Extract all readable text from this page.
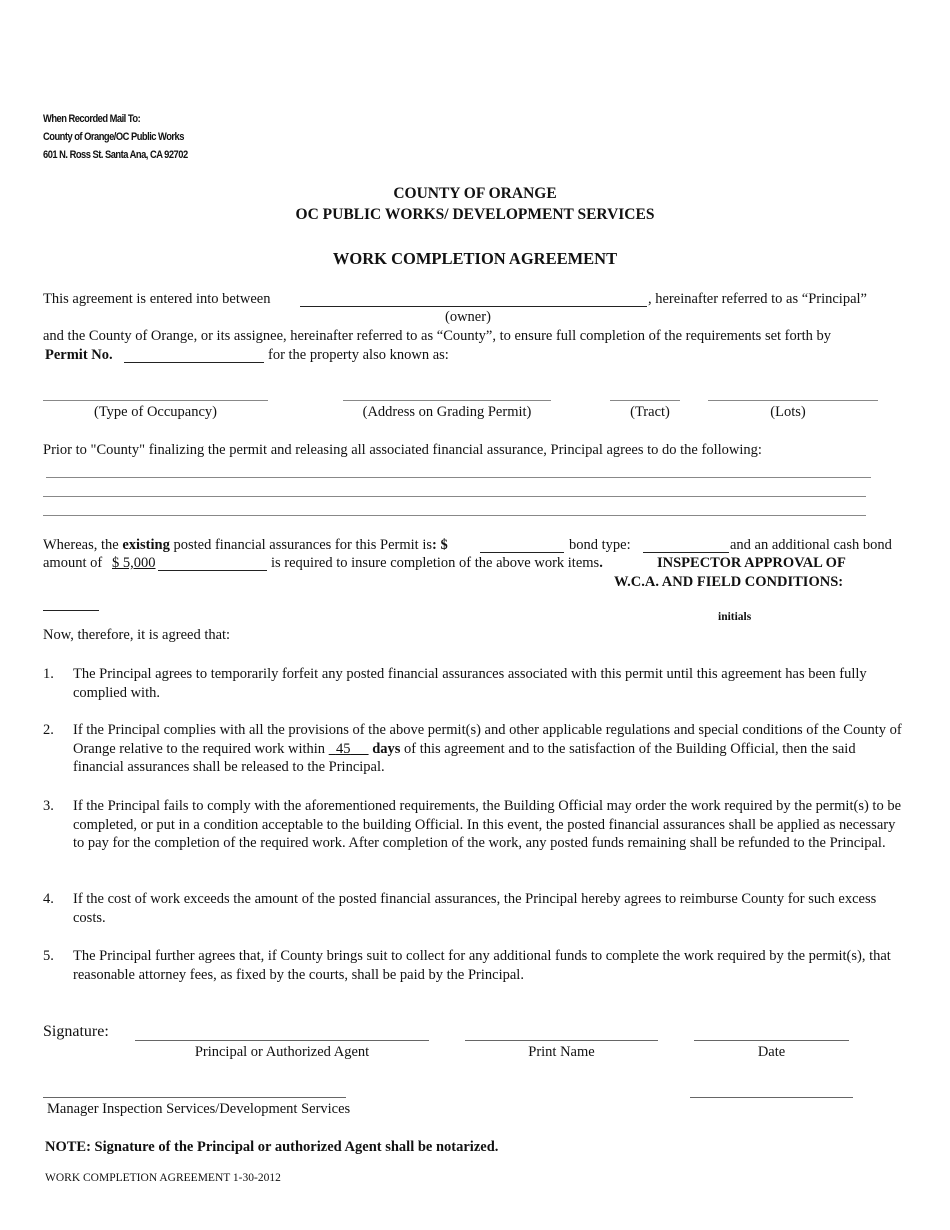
When Recorded Mail To:
County of Orange/OC Public Works
601 N. Ross St. Santa Ana, CA 92702
COUNTY OF ORANGE
OC PUBLIC WORKS/ DEVELOPMENT SERVICES
WORK COMPLETION AGREEMENT
This agreement is entered into between	, hereinafter referred to as “Principal”
(owner)
and the County of Orange, or its assignee, hereinafter referred to as “County”, to ensure full completion of the requirements set forth by
Permit No.	for the property also known as:
(Type of Occupancy)	(Address on Grading Permit)	(Tract)	(Lots)
Prior to "County" finalizing the permit and releasing all associated financial assurance, Principal agrees to do the following:
Whereas, the existing posted financial assurances for this Permit is: $	bond type:	and an additional cash bond
amount of $ 5,000	is required to insure completion of the above work items.	INSPECTOR APPROVAL OF
W.C.A. AND FIELD CONDITIONS:
initials
Now, therefore, it is agreed that:
1. The Principal agrees to temporarily forfeit any posted financial assurances associated with this permit until this agreement has been fully complied with.
2. If the Principal complies with all the provisions of the above permit(s) and other applicable regulations and special conditions of the County of Orange relative to the required work within   45 days of this agreement and to the satisfaction of the Building Official, then the said financial assurances shall be released to the Principal.
3. If the Principal fails to comply with the aforementioned requirements, the Building Official may order the work required by the permit(s) to be completed, or put in a condition acceptable to the building Official. In this event, the posted financial assurances shall be applied as necessary to pay for the completion of the required work. After completion of the work, any posted funds remaining shall be refunded to the Principal.
4. If the cost of work exceeds the amount of the posted financial assurances, the Principal hereby agrees to reimburse County for such excess costs.
5. The Principal further agrees that, if County brings suit to collect for any additional funds to complete the work required by the permit(s), that reasonable attorney fees, as fixed by the courts, shall be paid by the Principal.
Signature:
Principal or Authorized Agent	Print Name	Date
Manager Inspection Services/Development Services
NOTE: Signature of the Principal or authorized Agent shall be notarized.
WORK COMPLETION AGREEMENT 1-30-2012
